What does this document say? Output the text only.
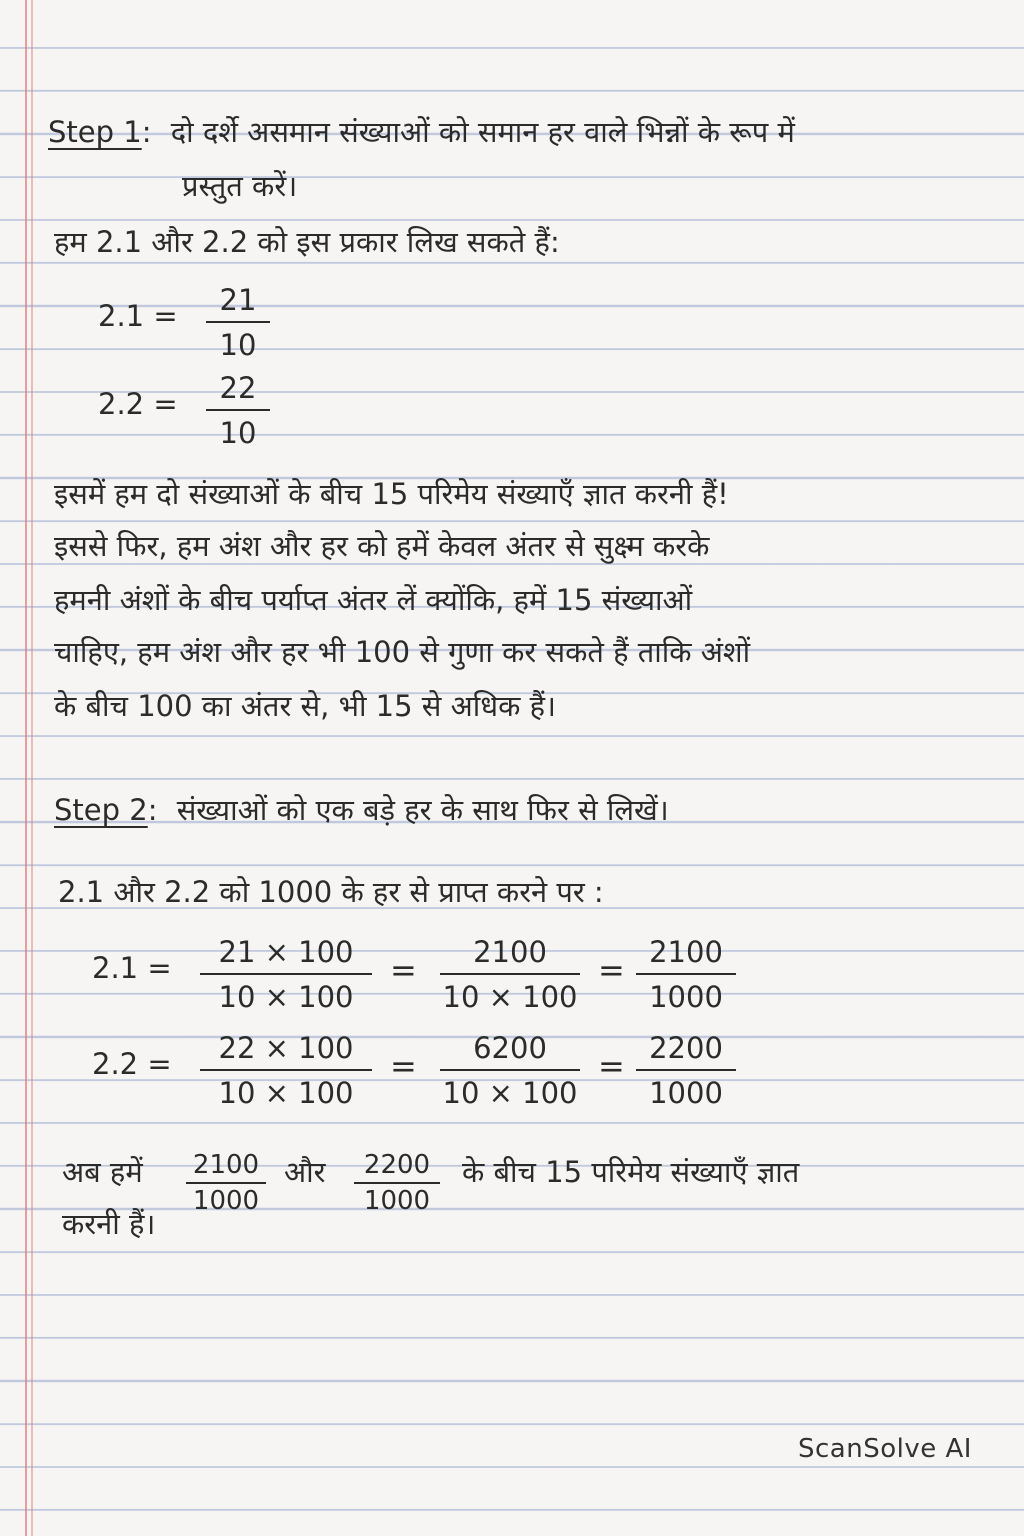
Step 1: दो दर्शे असमान संख्याओं को समान हर वाले भिन्नों के रूप में
प्रस्तुत करें।
हम 2.1 और 2.2 को इस प्रकार लिख सकते हैं:
2.1 =	21
10
2.2 =	22
10
इसमें हम दो संख्याओं के बीच 15 परिमेय संख्याएँ ज्ञात करनी हैं!
इससे फिर, हम अंश और हर को हमें केवल अंतर से सुक्ष्म करके
हमनी अंशों के बीच पर्याप्त अंतर लें क्योंकि, हमें 15 संख्याओं
चाहिए, हम अंश और हर भी 100 से गुणा कर सकते हैं ताकि अंशों
के बीच 100 का अंतर से, भी 15 से अधिक हैं।
Step 2: संख्याओं को एक बड़े हर के साथ फिर से लिखें।
2.1 और 2.2 को 1000 के हर से प्राप्त करने पर :
2.1 =	21 × 100
10 × 100
=	2100
10 × 100
= 2100
1000
2.2 =	22 × 100
10 × 100
=	6200
10 × 100
= 2200
1000
अब हमें 2100
1000
और	2200
1000
के बीच 15 परिमेय संख्याएँ ज्ञात
करनी हैं।
ScanSolve AI
